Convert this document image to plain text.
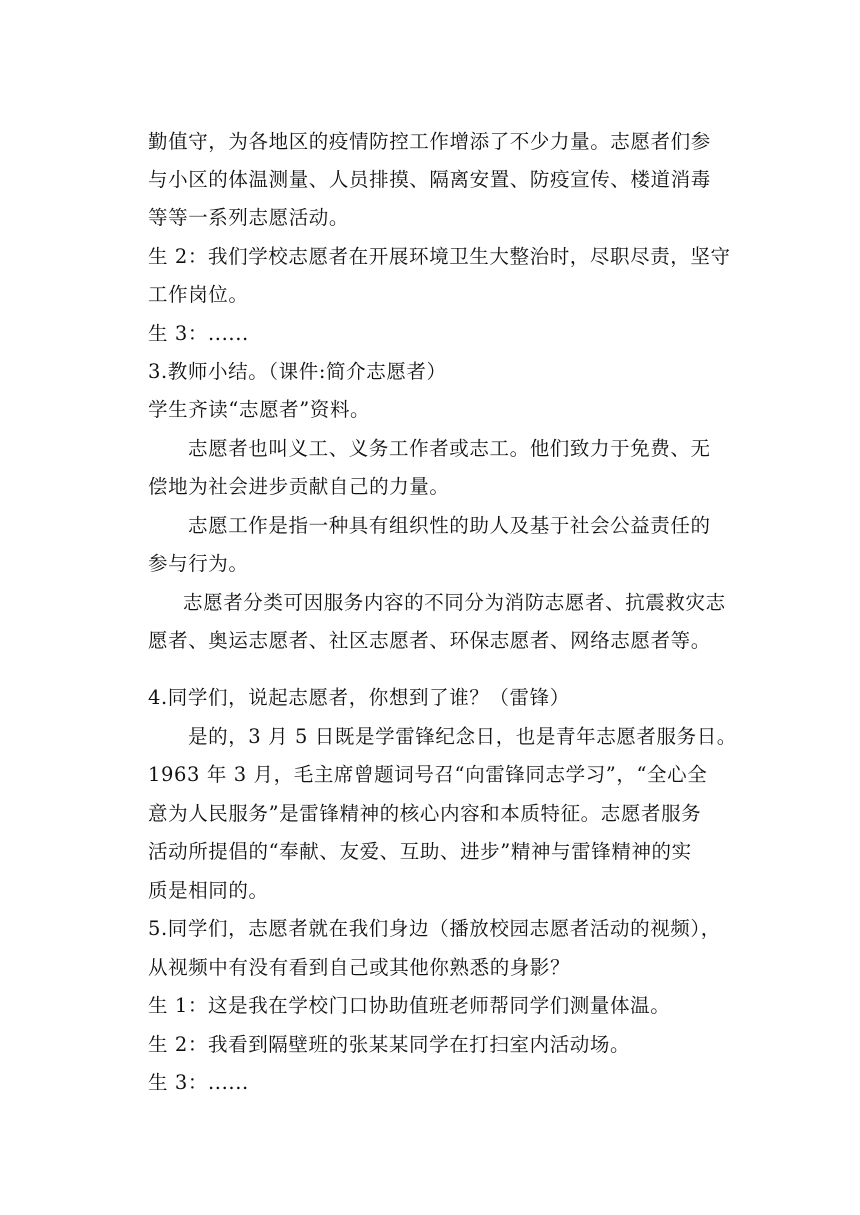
勤值守，为各地区的疫情防控工作增添了不少力量。志愿者们参
与小区的体温测量、人员排摸、隔离安置、防疫宣传、楼道消毒
等等一系列志愿活动。
生 2：我们学校志愿者在开展环境卫生大整治时，尽职尽责，坚守
工作岗位。
生 3：......
3.教师小结。（课件:简介志愿者）
学生齐读“志愿者”资料。
志愿者也叫义工、义务工作者或志工。他们致力于免费、无
偿地为社会进步贡献自己的力量。
志愿工作是指一种具有组织性的助人及基于社会公益责任的
参与行为。
志愿者分类可因服务内容的不同分为消防志愿者、抗震救灾志
愿者、奥运志愿者、社区志愿者、环保志愿者、网络志愿者等。
4.同学们，说起志愿者，你想到了谁？（雷锋）
是的，3 月 5 日既是学雷锋纪念日，也是青年志愿者服务日。
1963 年 3 月，毛主席曾题词号召“向雷锋同志学习”，“全心全
意为人民服务”是雷锋精神的核心内容和本质特征。志愿者服务
活动所提倡的“奉献、友爱、互助、进步”精神与雷锋精神的实
质是相同的。
5.同学们，志愿者就在我们身边（播放校园志愿者活动的视频），
从视频中有没有看到自己或其他你熟悉的身影？
生 1：这是我在学校门口协助值班老师帮同学们测量体温。
生 2：我看到隔壁班的张某某同学在打扫室内活动场。
生 3：......
